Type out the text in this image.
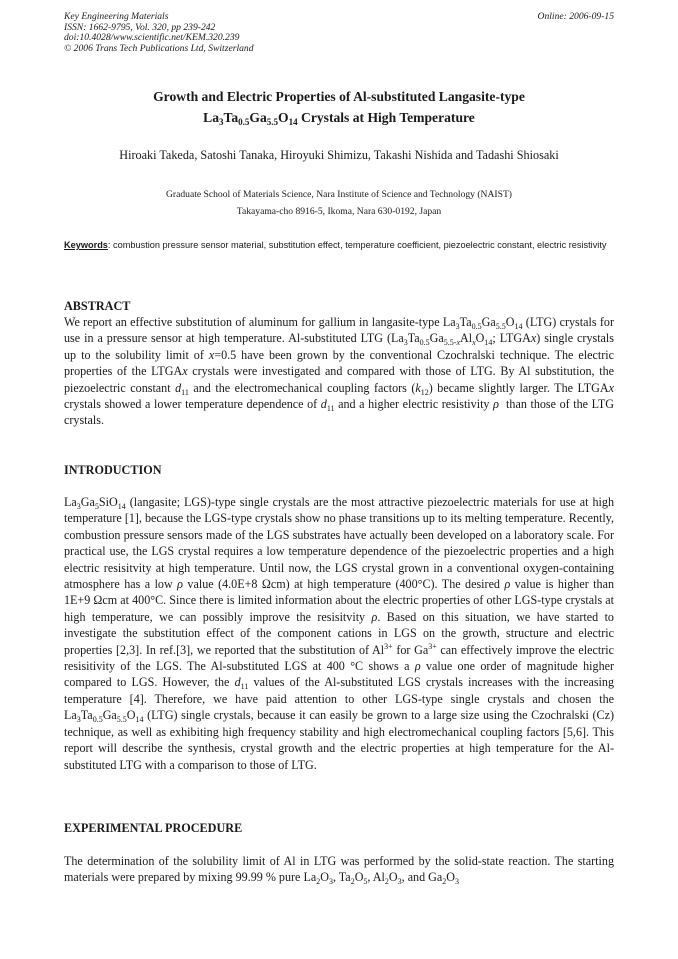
Key Engineering Materials
ISSN: 1662-9795, Vol. 320, pp 239-242
doi:10.4028/www.scientific.net/KEM.320.239
© 2006 Trans Tech Publications Ltd, Switzerland
Online: 2006-09-15
Growth and Electric Properties of Al-substituted Langasite-type
$La_3Ta_{0.5}Ga_{5.5}O_{14}$ Crystals at High Temperature
Hiroaki Takeda, Satoshi Tanaka, Hiroyuki Shimizu, Takashi Nishida and Tadashi Shiosaki
Graduate School of Materials Science, Nara Institute of Science and Technology (NAIST)
Takayama-cho 8916-5, Ikoma, Nara 630-0192, Japan
Keywords: combustion pressure sensor material, substitution effect, temperature coefficient, piezoelectric constant, electric resistivity
ABSTRACT
We report an effective substitution of aluminum for gallium in langasite-type $La_3Ta_{0.5}Ga_{5.5}O_{14}$ (LTG) crystals for use in a pressure sensor at high temperature. Al-substituted LTG ($La_3Ta_{0.5}Ga_{5.5-x}Al_xO_{14}$; LTGAx) single crystals up to the solubility limit of x=0.5 have been grown by the conventional Czochralski technique. The electric properties of the LTGAx crystals were investigated and compared with those of LTG. By Al substitution, the piezoelectric constant $d_{11}$ and the electromechanical coupling factors $(k_{12})$ became slightly larger. The LTGAx crystals showed a lower temperature dependence of $d_{11}$ and a higher electric resistivity ρ  than those of the LTG crystals.
INTRODUCTION
$La_3Ga_5SiO_{14}$ (langasite; LGS)-type single crystals are the most attractive piezoelectric materials for use at high temperature [1], because the LGS-type crystals show no phase transitions up to its melting temperature. Recently, combustion pressure sensors made of the LGS substrates have actually been developed on a laboratory scale. For practical use, the LGS crystal requires a low temperature dependence of the piezoelectric properties and a high electric resisitvity at high temperature. Until now, the LGS crystal grown in a conventional oxygen-containing atmosphere has a low ρ value (4.0E+8 Ωcm) at high temperature (400°C). The desired ρ value is higher than 1E+9 Ωcm at 400°C. Since there is limited information about the electric properties of other LGS-type crystals at high temperature, we can possibly improve the resisitvity ρ. Based on this situation, we have started to investigate the substitution effect of the component cations in LGS on the growth, structure and electric properties [2,3]. In ref.[3], we reported that the substitution of $Al^{3+}$ for $Ga^{3+}$ can effectively improve the electric resisitivity of the LGS. The Al-substituted LGS at 400 °C shows a ρ value one order of magnitude higher compared to LGS. However, the $d_{11}$ values of the Al-substituted LGS crystals increases with the increasing temperature [4]. Therefore, we have paid attention to other LGS-type single crystals and chosen the $La_3Ta_{0.5}Ga_{5.5}O_{14}$ (LTG) single crystals, because it can easily be grown to a large size using the Czochralski (Cz) technique, as well as exhibiting high frequency stability and high electromechanical coupling factors [5,6]. This report will describe the synthesis, crystal growth and the electric properties at high temperature for the Al-substituted LTG with a comparison to those of LTG.
EXPERIMENTAL PROCEDURE
The determination of the solubility limit of Al in LTG was performed by the solid-state reaction. The starting materials were prepared by mixing 99.99 % pure $La_2O_3$, $Ta_2O_5$, $Al_2O_3$, and $Ga_2O_3$
